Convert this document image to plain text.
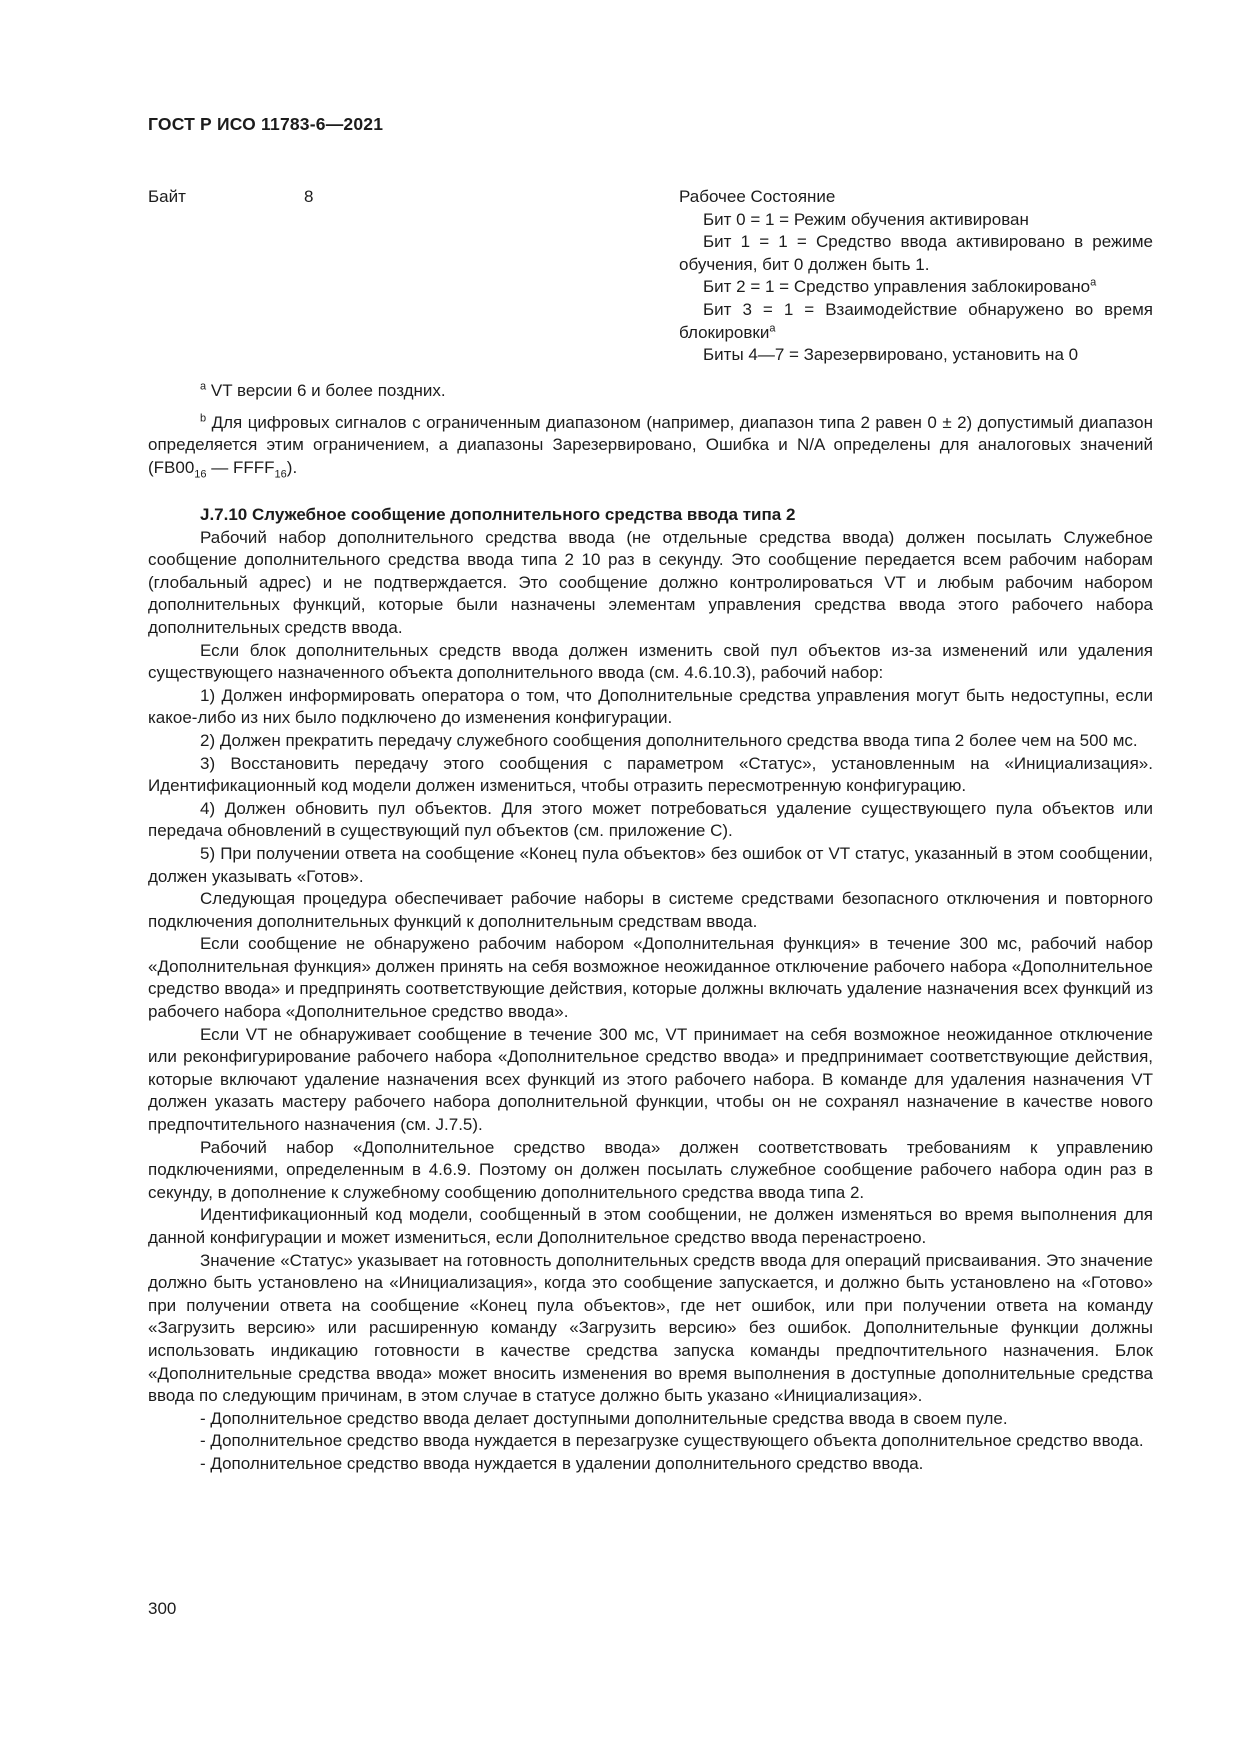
ГОСТ Р ИСО 11783-6—2021
Байт	8	Рабочее Состояние

Бит 0 = 1 = Режим обучения активирован

Бит 1 = 1 = Средство ввода активировано в режиме обучения, бит 0 должен быть 1.

Бит 2 = 1 = Средство управления заблокировано$^a$

Бит 3 = 1 = Взаимодействие обнаружено во время блокировки$^a$

Биты 4—7 = Зарезервировано, установить на 0

$^a$ VT версии 6 и более поздних.

$^b$ Для цифровых сигналов с ограниченным диапазоном (например, диапазон типа 2 равен 0 ± 2) допустимый диапазон определяется этим ограничением, а диапазоны Зарезервировано, Ошибка и N/A определены для аналоговых значений ($FB00_{16}$ — $FFFF_{16}$).

J.7.10 Служебное сообщение дополнительного средства ввода типа 2

Рабочий набор дополнительного средства ввода (не отдельные средства ввода) должен посылать Служебное сообщение дополнительного средства ввода типа 2 10 раз в секунду. Это сообщение передается всем рабочим наборам (глобальный адрес) и не подтверждается. Это сообщение должно контролироваться VT и любым рабочим набором дополнительных функций, которые были назначены элементам управления средства ввода этого рабочего набора дополнительных средств ввода.

Если блок дополнительных средств ввода должен изменить свой пул объектов из-за изменений или удаления существующего назначенного объекта дополнительного ввода (см. 4.6.10.3), рабочий набор:

1) Должен информировать оператора о том, что Дополнительные средства управления могут быть недоступны, если какое-либо из них было подключено до изменения конфигурации.

2) Должен прекратить передачу служебного сообщения дополнительного средства ввода типа 2 более чем на 500 мс.

3) Восстановить передачу этого сообщения с параметром «Статус», установленным на «Инициализация». Идентификационный код модели должен измениться, чтобы отразить пересмотренную конфигурацию.

4) Должен обновить пул объектов. Для этого может потребоваться удаление существующего пула объектов или передача обновлений в существующий пул объектов (см. приложение С).

5) При получении ответа на сообщение «Конец пула объектов» без ошибок от VT статус, указанный в этом сообщении, должен указывать «Готов».

Следующая процедура обеспечивает рабочие наборы в системе средствами безопасного отключения и повторного подключения дополнительных функций к дополнительным средствам ввода.

Если сообщение не обнаружено рабочим набором «Дополнительная функция» в течение 300 мс, рабочий набор «Дополнительная функция» должен принять на себя возможное неожиданное отключение рабочего набора «Дополнительное средство ввода» и предпринять соответствующие действия, которые должны включать удаление назначения всех функций из рабочего набора «Дополнительное средство ввода».

Если VT не обнаруживает сообщение в течение 300 мс, VT принимает на себя возможное неожиданное отключение или реконфигурирование рабочего набора «Дополнительное средство ввода» и предпринимает соответствующие действия, которые включают удаление назначения всех функций из этого рабочего набора. В команде для удаления назначения VT должен указать мастеру рабочего набора дополнительной функции, чтобы он не сохранял назначение в качестве нового предпочтительного назначения (см. J.7.5).

Рабочий набор «Дополнительное средство ввода» должен соответствовать требованиям к управлению подключениями, определенным в 4.6.9. Поэтому он должен посылать служебное сообщение рабочего набора один раз в секунду, в дополнение к служебному сообщению дополнительного средства ввода типа 2.

Идентификационный код модели, сообщенный в этом сообщении, не должен изменяться во время выполнения для данной конфигурации и может измениться, если Дополнительное средство ввода перенастроено.

Значение «Статус» указывает на готовность дополнительных средств ввода для операций присваивания. Это значение должно быть установлено на «Инициализация», когда это сообщение запускается, и должно быть установлено на «Готово» при получении ответа на сообщение «Конец пула объектов», где нет ошибок, или при получении ответа на команду «Загрузить версию» или расширенную команду «Загрузить версию» без ошибок. Дополнительные функции должны использовать индикацию готовности в качестве средства запуска команды предпочтительного назначения. Блок «Дополнительные средства ввода» может вносить изменения во время выполнения в доступные дополнительные средства ввода по следующим причинам, в этом случае в статусе должно быть указано «Инициализация».

- Дополнительное средство ввода делает доступными дополнительные средства ввода в своем пуле.

- Дополнительное средство ввода нуждается в перезагрузке существующего объекта дополнительное средство ввода.

- Дополнительное средство ввода нуждается в удалении дополнительного средство ввода.

300
